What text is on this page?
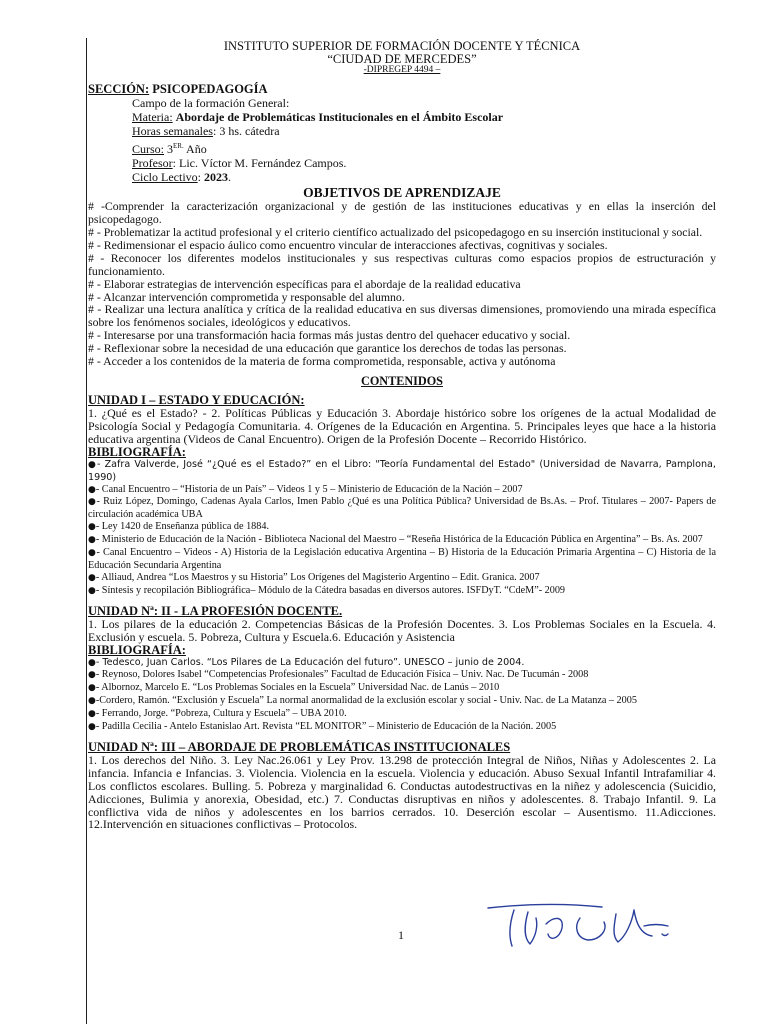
INSTITUTO SUPERIOR DE FORMACIÓN DOCENTE Y TÉCNICA
“CIUDAD DE MERCEDES”
-DIPREGEP 4494 –
SECCIÓN: PSICOPEDAGOGÍA
Campo de la formación General:
Materia: Abordaje de Problemáticas Institucionales en el Ámbito Escolar
Horas semanales: 3 hs. cátedra
Curso: $3^{ER.}$ Año
Profesor: Lic. Víctor M. Fernández Campos.
Ciclo Lectivo: 2023.
OBJETIVOS DE APRENDIZAJE
# -Comprender la caracterización organizacional y de gestión de las instituciones educativas y en ellas la inserción del psicopedagogo.
# - Problematizar la actitud profesional y el criterio científico actualizado del psicopedagogo en su inserción institucional y social.
# - Redimensionar el espacio áulico como encuentro vincular de interacciones afectivas, cognitivas y sociales.
# - Reconocer los diferentes modelos institucionales y sus respectivas culturas como espacios propios de estructuración y funcionamiento.
# - Elaborar estrategias de intervención específicas para el abordaje de la realidad educativa
# - Alcanzar intervención comprometida y responsable del alumno.
# - Realizar una lectura analítica y crítica de la realidad educativa en sus diversas dimensiones, promoviendo una mirada específica sobre los fenómenos sociales, ideológicos y educativos.
# - Interesarse por una transformación hacia formas más justas dentro del quehacer educativo y social.
# - Reflexionar sobre la necesidad de una educación que garantice los derechos de todas las personas.
# - Acceder a los contenidos de la materia de forma comprometida, responsable, activa y autónoma
CONTENIDOS
UNIDAD I – ESTADO Y EDUCACIÓN:
1. ¿Qué es el Estado? - 2. Políticas Públicas y Educación 3. Abordaje histórico sobre los orígenes de la actual Modalidad de Psicología Social y Pedagogía Comunitaria. 4. Orígenes de la Educación en Argentina. 5. Principales leyes que hace a la historia educativa argentina (Videos de Canal Encuentro). Origen de la Profesión Docente – Recorrido Histórico.
BIBLIOGRAFÍA:
●- Zafra Valverde, José “¿Qué es el Estado?” en el Libro: "Teoría Fundamental del Estado" (Universidad de Navarra, Pamplona, 1990)
●- Canal Encuentro – “Historia de un País” – Videos 1 y 5 – Ministerio de Educación de la Nación – 2007
●- Ruiz López, Domingo, Cadenas Ayala Carlos, Imen Pablo ¿Qué es una Política Pública? Universidad de Bs.As. – Prof. Titulares – 2007- Papers de circulación académica UBA
●- Ley 1420 de Enseñanza pública de 1884.
●- Ministerio de Educación de la Nación - Biblioteca Nacional del Maestro – “Reseña Histórica de la Educación Pública en Argentina” – Bs. As. 2007
●- Canal Encuentro – Videos - A) Historia de la Legislación educativa Argentina – B) Historia de la Educación Primaria Argentina – C) Historia de la Educación Secundaria Argentina
●- Alliaud, Andrea “Los Maestros y su Historia” Los Orígenes del Magisterio Argentino – Edit. Granica. 2007
●- Síntesis y recopilación Bibliográfica– Módulo de la Cátedra basadas en diversos autores. ISFDyT. “CdeM”- 2009
UNIDAD Nª: II - LA PROFESIÓN DOCENTE.
1. Los pilares de la educación 2. Competencias Básicas de la Profesión Docentes. 3. Los Problemas Sociales en la Escuela. 4. Exclusión y escuela. 5. Pobreza, Cultura y Escuela.6. Educación y Asistencia
BIBLIOGRAFÍA:
●- Tedesco, Juan Carlos. “Los Pilares de La Educación del futuro”. UNESCO – junio de 2004.
●- Reynoso, Dolores Isabel “Competencias Profesionales” Facultad de Educación Física – Univ. Nac. De Tucumán - 2008
●- Albornoz, Marcelo E. “Los Problemas Sociales en la Escuela” Universidad Nac. de Lanús – 2010
●-Cordero, Ramón. “Exclusión y Escuela” La normal anormalidad de la exclusión escolar y social - Univ. Nac. de La Matanza – 2005
●- Ferrando, Jorge. “Pobreza, Cultura y Escuela” – UBA 2010.
●- Padilla Cecilia - Antelo Estanislao Art. Revista “EL MONITOR” – Ministerio de Educación de la Nación. 2005
UNIDAD Nª: III – ABORDAJE DE PROBLEMÁTICAS INSTITUCIONALES
1. Los derechos del Niño. 3. Ley Nac.26.061 y Ley Prov. 13.298 de protección Integral de Niños, Niñas y Adolescentes 2. La infancia. Infancia e Infancias. 3. Violencia. Violencia en la escuela. Violencia y educación. Abuso Sexual Infantil Intrafamiliar 4. Los conflictos escolares. Bulling. 5. Pobreza y marginalidad 6. Conductas autodestructivas en la niñez y adolescencia (Suicidio, Adicciones, Bulimia y anorexia, Obesidad, etc.) 7. Conductas disruptivas en niños y adolescentes. 8. Trabajo Infantil. 9. La conflictiva vida de niños y adolescentes en los barrios cerrados. 10. Deserción escolar – Ausentismo. 11.Adicciones. 12.Intervención en situaciones conflictivas – Protocolos.
1
